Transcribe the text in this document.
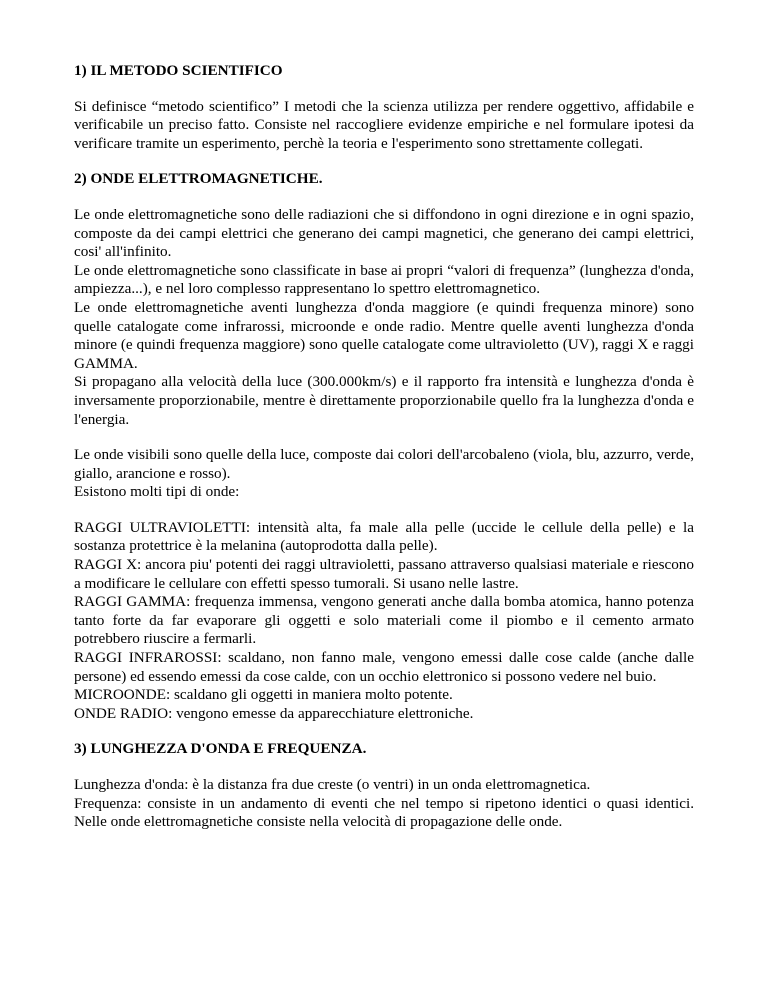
1) IL METODO SCIENTIFICO

Si definisce “metodo scientifico” I metodi che la scienza utilizza per rendere oggettivo, affidabile e verificabile un preciso fatto. Consiste nel raccogliere evidenze empiriche e nel formulare ipotesi da verificare tramite un esperimento, perchè la teoria e l'esperimento sono strettamente collegati.

2) ONDE ELETTROMAGNETICHE.

Le onde elettromagnetiche sono delle radiazioni che si diffondono in ogni direzione e in ogni spazio, composte da dei campi elettrici che generano dei campi magnetici, che generano dei campi elettrici, cosi' all'infinito.

Le onde elettromagnetiche sono classificate in base ai propri “valori di frequenza” (lunghezza d'onda, ampiezza...), e nel loro complesso rappresentano lo spettro elettromagnetico.

Le onde elettromagnetiche aventi lunghezza d'onda maggiore (e quindi frequenza minore) sono quelle catalogate come infrarossi, microonde e onde radio. Mentre quelle aventi lunghezza d'onda minore (e quindi frequenza maggiore) sono quelle catalogate come ultravioletto (UV), raggi X e raggi GAMMA.

Si propagano alla velocità della luce (300.000km/s) e il rapporto fra intensità e lunghezza d'onda è inversamente proporzionabile, mentre è direttamente proporzionabile quello fra la lunghezza d'onda e l'energia.

Le onde visibili sono quelle della luce, composte dai colori dell'arcobaleno (viola, blu, azzurro, verde, giallo, arancione e rosso).

Esistono molti tipi di onde:

RAGGI ULTRAVIOLETTI: intensità alta, fa male alla pelle (uccide le cellule della pelle) e la sostanza protettrice è la melanina (autoprodotta dalla pelle).

RAGGI X: ancora piu' potenti dei raggi ultravioletti, passano attraverso qualsiasi materiale e riescono a modificare le cellulare con effetti spesso tumorali. Si usano nelle lastre.

RAGGI GAMMA: frequenza immensa, vengono generati anche dalla bomba atomica, hanno potenza tanto forte da far evaporare gli oggetti e solo materiali come il piombo e il cemento armato potrebbero riuscire a fermarli.

RAGGI INFRAROSSI: scaldano, non fanno male, vengono emessi dalle cose calde (anche dalle persone) ed essendo emessi da cose calde, con un occhio elettronico si possono vedere nel buio.

MICROONDE: scaldano gli oggetti in maniera molto potente.

ONDE RADIO: vengono emesse da apparecchiature elettroniche.

3) LUNGHEZZA D'ONDA E FREQUENZA.

Lunghezza d'onda: è la distanza fra due creste (o ventri) in un onda elettromagnetica.

Frequenza: consiste in un andamento di eventi che nel tempo si ripetono identici o quasi identici. Nelle onde elettromagnetiche consiste nella velocità di propagazione delle onde.
